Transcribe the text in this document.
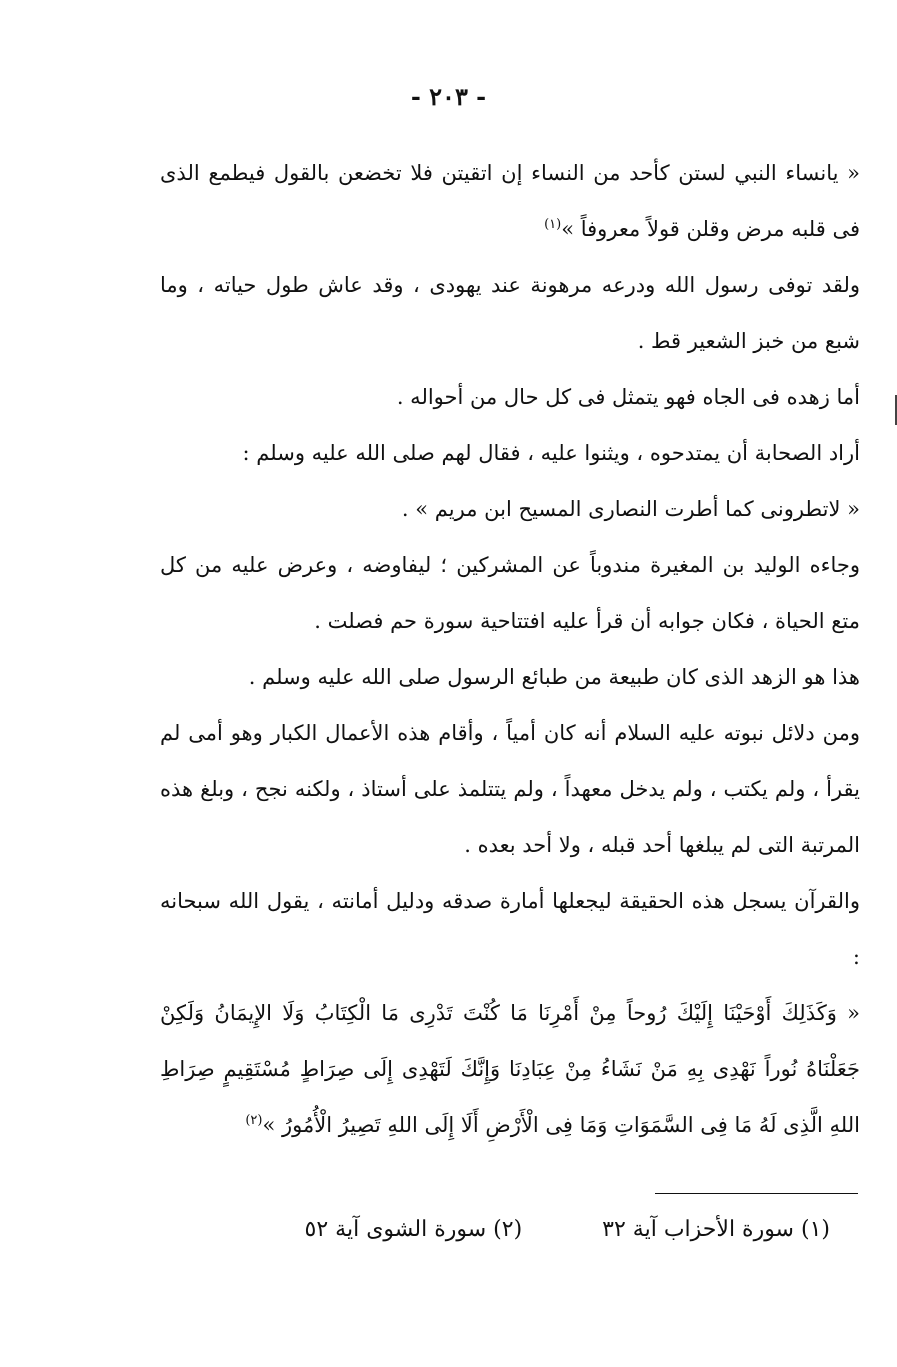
- ٢٠٣ -

« يانساء النبي لستن كأحد من النساء إن اتقيتن فلا تخضعن بالقول فيطمع الذى فى قلبه مرض وقلن قولاً معروفاً »$^{(١)}$

ولقد توفى رسول الله ودرعه مرهونة عند يهودى ، وقد عاش طول حياته ، وما شبع من خبز الشعير قط .

أما زهده فى الجاه فهو يتمثل فى كل حال من أحواله .

أراد الصحابة أن يمتدحوه ، ويثنوا عليه ، فقال لهم صلى الله عليه وسلم :

« لاتطرونى كما أطرت النصارى المسيح ابن مريم » .

وجاءه الوليد بن المغيرة مندوباً عن المشركين ؛ ليفاوضه ، وعرض عليه من كل متع الحياة ، فكان جوابه أن قرأ عليه افتتاحية سورة حم فصلت .

هذا هو الزهد الذى كان طبيعة من طبائع الرسول صلى الله عليه وسلم .

ومن دلائل نبوته عليه السلام أنه كان أمياً ، وأقام هذه الأعمال الكبار وهو أمى لم يقرأ ، ولم يكتب ، ولم يدخل معهداً ، ولم يتتلمذ على أستاذ ، ولكنه نجح ، وبلغ هذه المرتبة التى لم يبلغها أحد قبله ، ولا أحد بعده .

والقرآن يسجل هذه الحقيقة ليجعلها أمارة صدقه ودليل أمانته ، يقول الله سبحانه :

« وَكَذَلِكَ أَوْحَيْنَا إِلَيْكَ رُوحاً مِنْ أَمْرِنَا مَا كُنْتَ تَدْرِى مَا الْكِتَابُ وَلَا الإِيمَانُ وَلَكِنْ جَعَلْنَاهُ نُوراً نَهْدِى بِهِ مَنْ نَشَاءُ مِنْ عِبَادِنَا وَإِنَّكَ لَتَهْدِى إِلَى صِرَاطٍ مُسْتَقِيمٍ صِرَاطِ اللهِ الَّذِى لَهُ مَا فِى السَّمَوَاتِ وَمَا فِى الْأَرْضِ أَلَا إِلَى اللهِ تَصِيرُ الْأُمُورُ »$^{(٢)}$

(١) سورة الأحزاب آية ٣٢
(٢) سورة الشوى آية ٥٢
